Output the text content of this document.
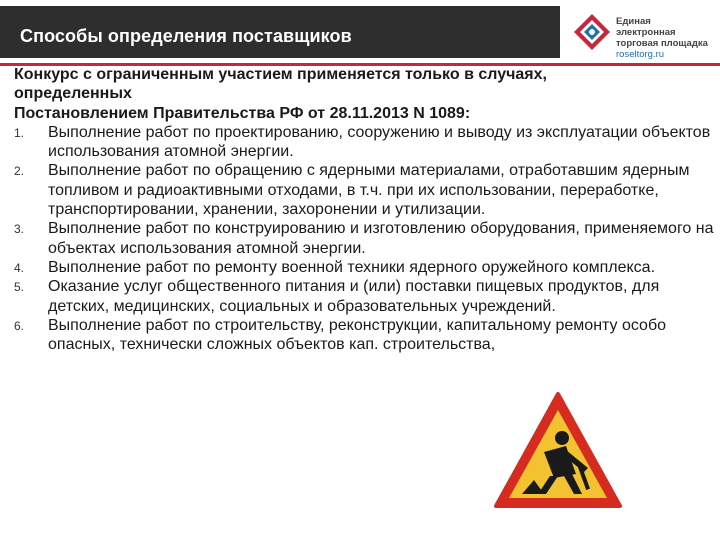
Способы определения поставщиков
Единая электронная
торговая площадка
roseltorg.ru

Конкурс с ограниченным участием применяется только в случаях,
определенных
Постановлением Правительства РФ от 28.11.2013 N 1089:

1. Выполнение работ по проектированию, сооружению и выводу из эксплуатации объектов использования атомной энергии.
2. Выполнение работ по обращению с ядерными материалами, отработавшим ядерным топливом и радиоактивными отходами, в т.ч. при их использовании, переработке, транспортировании, хранении, захоронении и утилизации.
3. Выполнение работ по конструированию и изготовлению оборудования, применяемого на объектах использования атомной энергии.
4. Выполнение работ по ремонту военной техники ядерного оружейного комплекса.
5. Оказание услуг общественного питания и (или) поставки пищевых продуктов, для детских, медицинских, социальных и образовательных учреждений.
6. Выполнение работ по строительству, реконструкции, капитальному ремонту особо опасных, технически сложных объектов кап. строительства,
